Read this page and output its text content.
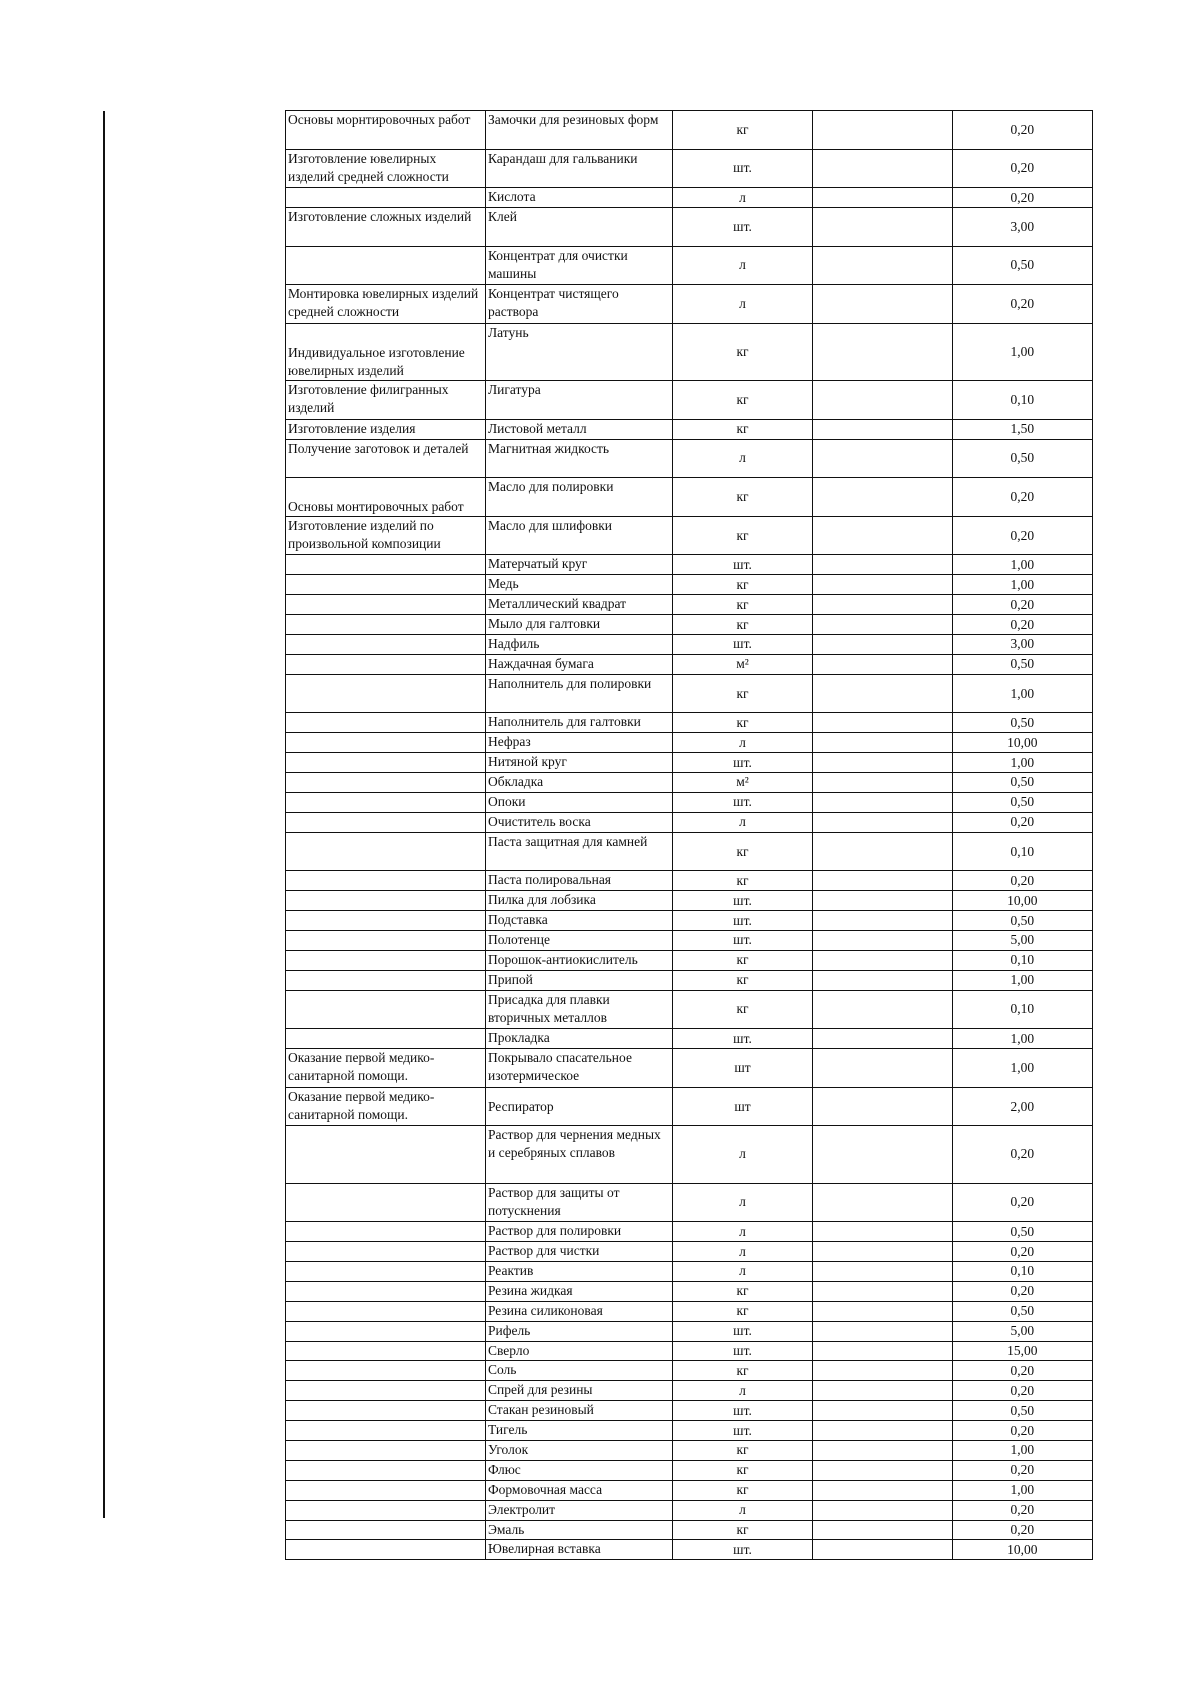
Основы морнтировочных работ	Замочки для резиновых форм	кг		0,20
Изготовление ювелирных изделий средней сложности	Карандаш для гальваники	шт.		0,20
	Кислота	л		0,20
Изготовление сложных изделий	Клей	шт.		3,00
	Концентрат для очистки машины	л		0,50
Монтировка ювелирных изделий средней сложности	Концентрат чистящего раствора	л		0,20
Индивидуальное изготовление ювелирных изделий	Латунь	кг		1,00
Изготовление филигранных изделий	Лигатура	кг		0,10
Изготовление изделия	Листовой металл	кг		1,50
Получение заготовок и деталей	Магнитная жидкость	л		0,50
Основы монтировочных работ	Масло для полировки	кг		0,20
Изготовление изделий по произвольной композиции	Масло для шлифовки	кг		0,20
	Матерчатый круг	шт.		1,00
	Медь	кг		1,00
	Металлический квадрат	кг		0,20
	Мыло для галтовки	кг		0,20
	Надфиль	шт.		3,00
	Наждачная бумага	м²		0,50
	Наполнитель для полировки	кг		1,00
	Наполнитель для галтовки	кг		0,50
	Нефраз	л		10,00
	Нитяной круг	шт.		1,00
	Обкладка	м²		0,50
	Опоки	шт.		0,50
	Очиститель воска	л		0,20
	Паста защитная для камней	кг		0,10
	Паста полировальная	кг		0,20
	Пилка для лобзика	шт.		10,00
	Подставка	шт.		0,50
	Полотенце	шт.		5,00
	Порошок-антиокислитель	кг		0,10
	Припой	кг		1,00
	Присадка для плавки вторичных металлов	кг		0,10
	Прокладка	шт.		1,00
Оказание первой медико-санитарной помощи.	Покрывало спасательное изотермическое	шт		1,00
Оказание первой медико-санитарной помощи.	Респиратор	шт		2,00
	Раствор для чернения медных и серебряных сплавов	л		0,20
	Раствор для защиты от потускнения	л		0,20
	Раствор для полировки	л		0,50
	Раствор для чистки	л		0,20
	Реактив	л		0,10
	Резина жидкая	кг		0,20
	Резина силиконовая	кг		0,50
	Рифель	шт.		5,00
	Сверло	шт.		15,00
	Соль	кг		0,20
	Спрей для резины	л		0,20
	Стакан резиновый	шт.		0,50
	Тигель	шт.		0,20
	Уголок	кг		1,00
	Флюс	кг		0,20
	Формовочная масса	кг		1,00
	Электролит	л		0,20
	Эмаль	кг		0,20
	Ювелирная вставка	шт.		10,00
